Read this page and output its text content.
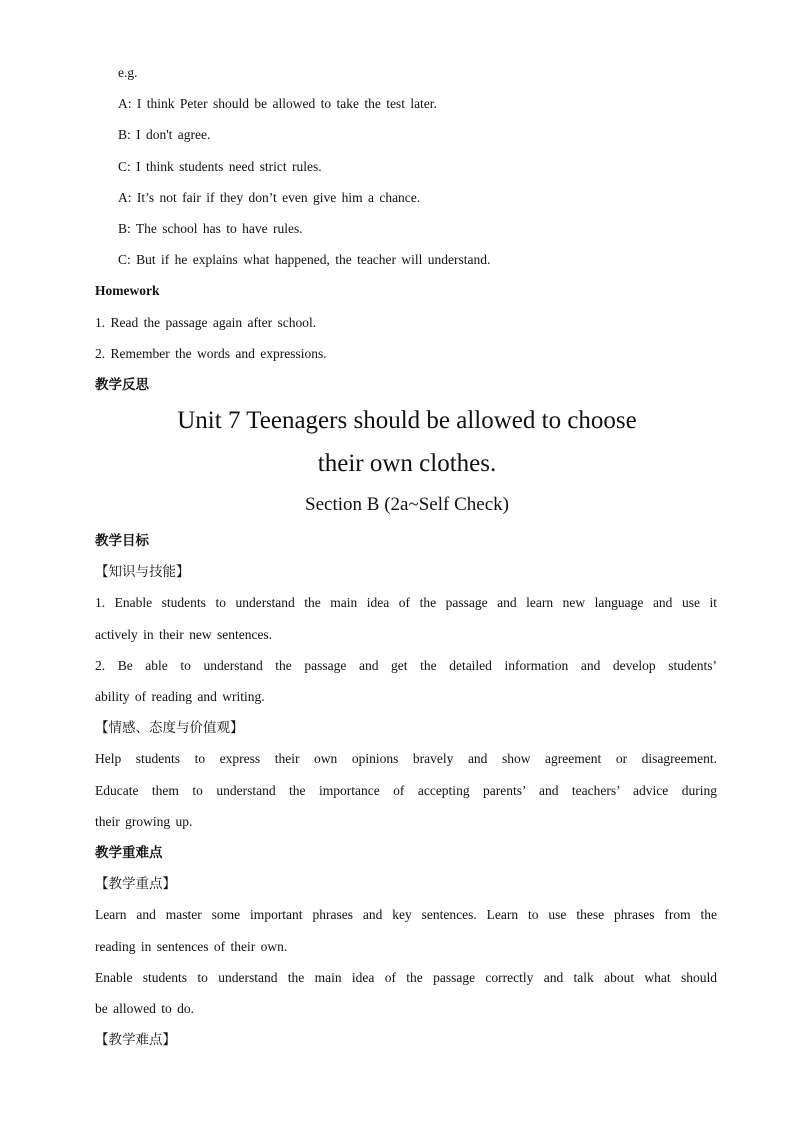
e.g.
A: I think Peter should be allowed to take the test later.
B: I don't agree.
C: I think students need strict rules.
A: It’s not fair if they don’t even give him a chance.
B: The school has to have rules.
C: But if he explains what happened, the teacher will understand.
Homework
1. Read the passage again after school.
2. Remember the words and expressions.
教学反思
Unit 7 Teenagers should be allowed to choose
their own clothes.
Section B (2a~Self Check)
教学目标
【知识与技能】
1. Enable students to understand the main idea of the passage and learn new language and use it
actively in their new sentences.
2. Be able to understand the passage and get the detailed information and develop students’
ability of reading and writing.
【情感、态度与价值观】
Help students to express their own opinions bravely and show agreement or disagreement.
Educate them to understand the importance of accepting parents’ and teachers’ advice during
their growing up.
教学重难点
【教学重点】
Learn and master some important phrases and key sentences. Learn to use these phrases from the
reading in sentences of their own.
Enable students to understand the main idea of the passage correctly and talk about what should
be allowed to do.
【教学难点】
